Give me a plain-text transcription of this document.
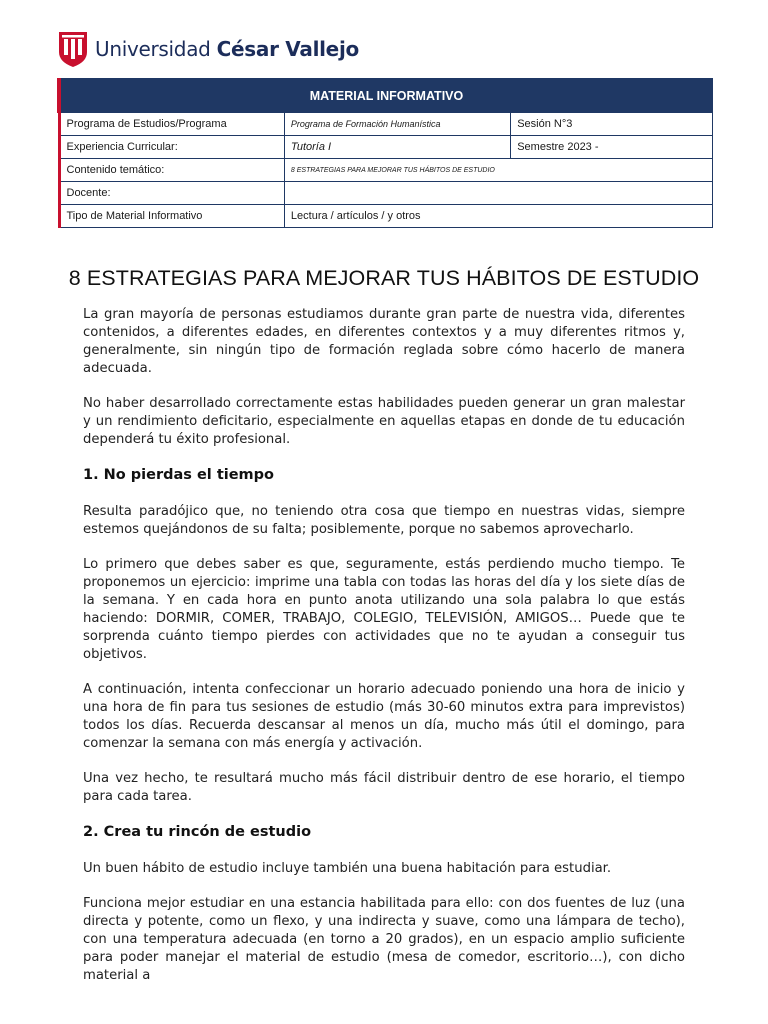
Universidad César Vallejo
MATERIAL INFORMATIVO		
Programa de Estudios/Programa	Programa de Formación Humanística	Sesión N°3
Experiencia Curricular:	Tutoría I	Semestre 2023 -
Contenido temático:	8 ESTRATEGIAS PARA MEJORAR TUS HÁBITOS DE ESTUDIO	
Docente:		
Tipo de Material Informativo	Lectura / artículos / y otros	
8 ESTRATEGIAS PARA MEJORAR TUS HÁBITOS DE ESTUDIO

La gran mayoría de personas estudiamos durante gran parte de nuestra vida, diferentes contenidos, a diferentes edades, en diferentes contextos y a muy diferentes ritmos y, generalmente, sin ningún tipo de formación reglada sobre cómo hacerlo de manera adecuada.

No haber desarrollado correctamente estas habilidades pueden generar un gran malestar y un rendimiento deficitario, especialmente en aquellas etapas en donde de tu educación dependerá tu éxito profesional.

1. No pierdas el tiempo

Resulta paradójico que, no teniendo otra cosa que tiempo en nuestras vidas, siempre estemos quejándonos de su falta; posiblemente, porque no sabemos aprovecharlo.

Lo primero que debes saber es que, seguramente, estás perdiendo mucho tiempo. Te proponemos un ejercicio: imprime una tabla con todas las horas del día y los siete días de la semana. Y en cada hora en punto anota utilizando una sola palabra lo que estás haciendo: DORMIR, COMER, TRABAJO, COLEGIO, TELEVISIÓN, AMIGOS… Puede que te sorprenda cuánto tiempo pierdes con actividades que no te ayudan a conseguir tus objetivos.

A continuación, intenta confeccionar un horario adecuado poniendo una hora de inicio y una hora de fin para tus sesiones de estudio (más 30-60 minutos extra para imprevistos) todos los días. Recuerda descansar al menos un día, mucho más útil el domingo, para comenzar la semana con más energía y activación.

Una vez hecho, te resultará mucho más fácil distribuir dentro de ese horario, el tiempo para cada tarea.

2. Crea tu rincón de estudio

Un buen hábito de estudio incluye también una buena habitación para estudiar.

Funciona mejor estudiar en una estancia habilitada para ello: con dos fuentes de luz (una directa y potente, como un flexo, y una indirecta y suave, como una lámpara de techo), con una temperatura adecuada (en torno a 20 grados), en un espacio amplio suficiente para poder manejar el material de estudio (mesa de comedor, escritorio…), con dicho material a
